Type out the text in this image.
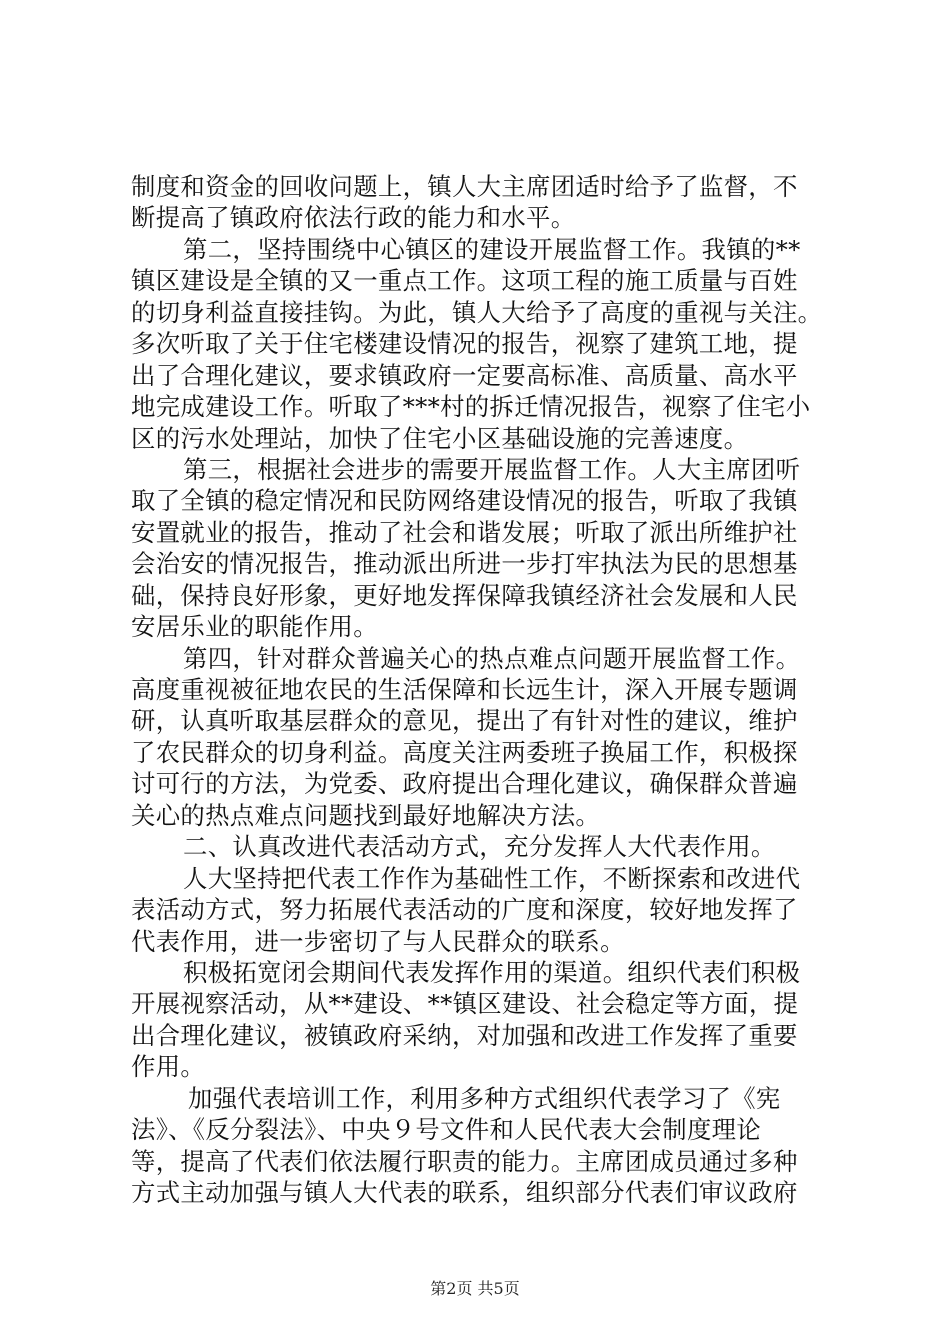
制度和资金的回收问题上，镇人大主席团适时给予了监督，不
断提高了镇政府依法行政的能力和水平。
第二，坚持围绕中心镇区的建设开展监督工作。我镇的**
镇区建设是全镇的又一重点工作。这项工程的施工质量与百姓
的切身利益直接挂钩。为此，镇人大给予了高度的重视与关注。
多次听取了关于住宅楼建设情况的报告，视察了建筑工地，提
出了合理化建议，要求镇政府一定要高标准、高质量、高水平
地完成建设工作。听取了***村的拆迁情况报告，视察了住宅小
区的污水处理站，加快了住宅小区基础设施的完善速度。
第三，根据社会进步的需要开展监督工作。人大主席团听
取了全镇的稳定情况和民防网络建设情况的报告，听取了我镇
安置就业的报告，推动了社会和谐发展；听取了派出所维护社
会治安的情况报告，推动派出所进一步打牢执法为民的思想基
础，保持良好形象，更好地发挥保障我镇经济社会发展和人民
安居乐业的职能作用。
第四，针对群众普遍关心的热点难点问题开展监督工作。
高度重视被征地农民的生活保障和长远生计，深入开展专题调
研，认真听取基层群众的意见，提出了有针对性的建议，维护
了农民群众的切身利益。高度关注两委班子换届工作，积极探
讨可行的方法，为党委、政府提出合理化建议，确保群众普遍
关心的热点难点问题找到最好地解决方法。
二、认真改进代表活动方式，充分发挥人大代表作用。
人大坚持把代表工作作为基础性工作，不断探索和改进代
表活动方式，努力拓展代表活动的广度和深度，较好地发挥了
代表作用，进一步密切了与人民群众的联系。
积极拓宽闭会期间代表发挥作用的渠道。组织代表们积极
开展视察活动，从**建设、**镇区建设、社会稳定等方面，提
出合理化建议，被镇政府采纳，对加强和改进工作发挥了重要
作用。
加强代表培训工作，利用多种方式组织代表学习了《宪
法》、《反分裂法》、中央９号文件和人民代表大会制度理论
等，提高了代表们依法履行职责的能力。主席团成员通过多种
方式主动加强与镇人大代表的联系，组织部分代表们审议政府
第2页 共5页
